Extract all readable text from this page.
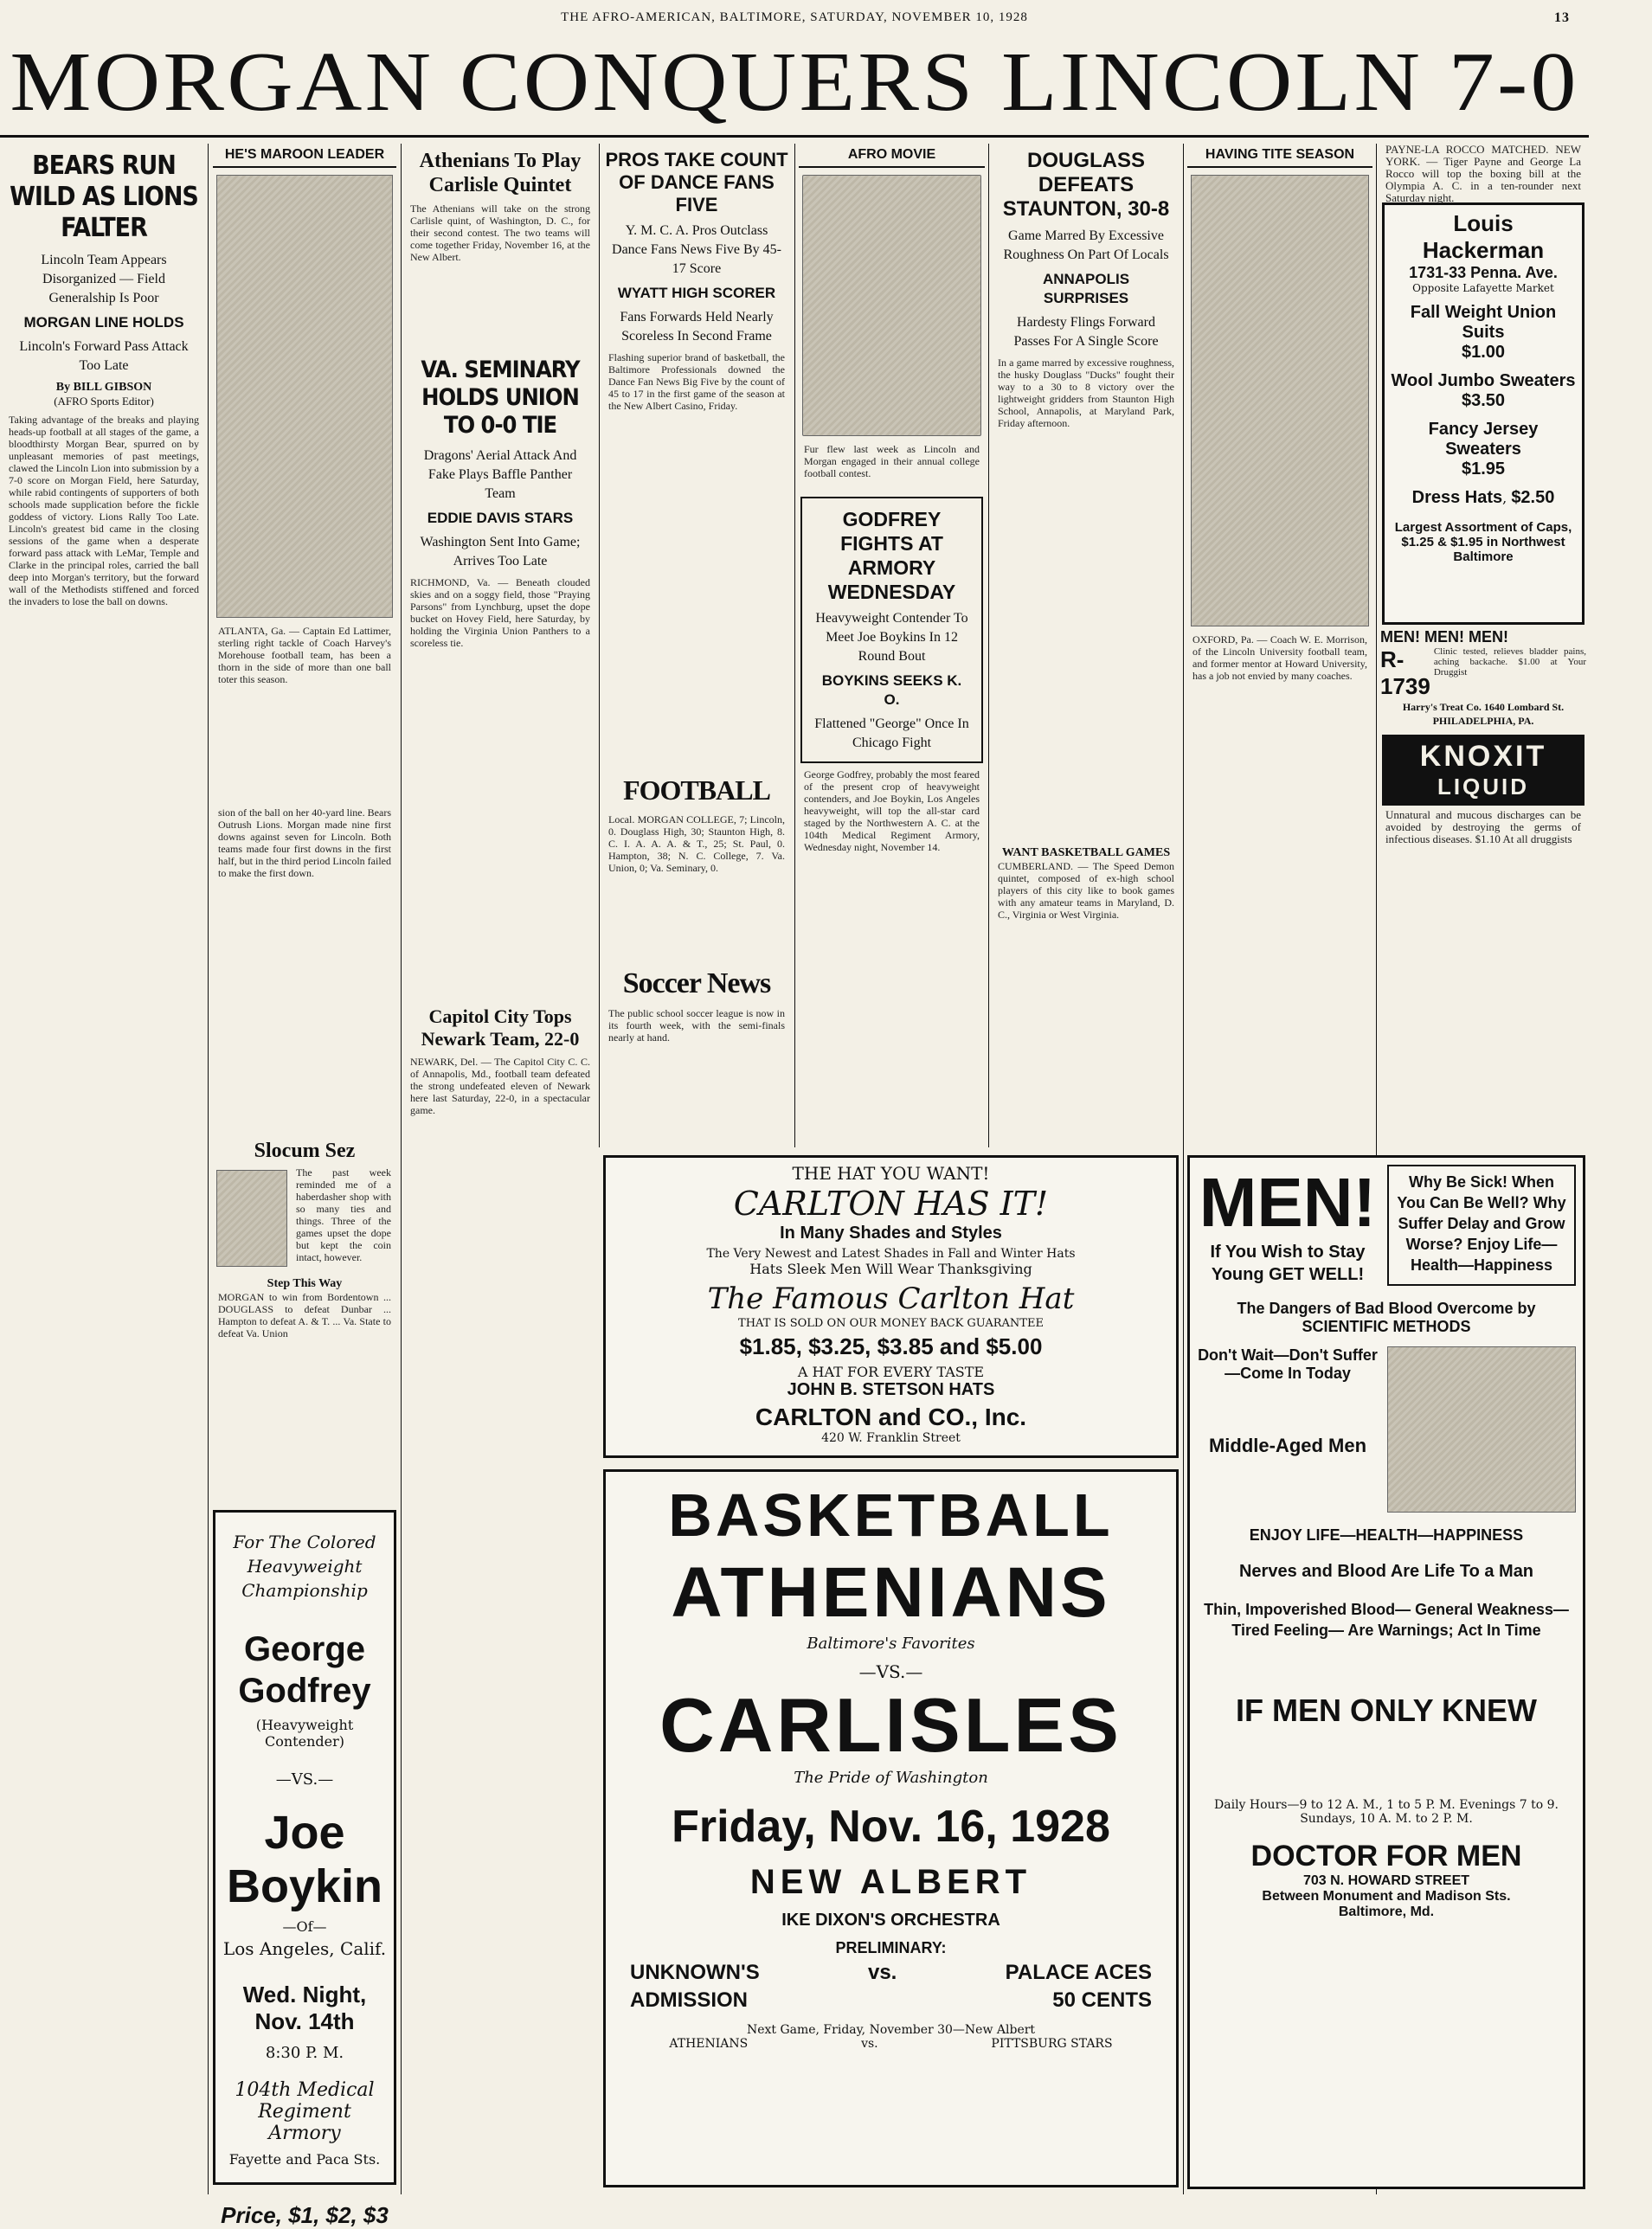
THE AFRO-AMERICAN, BALTIMORE, SATURDAY, NOVEMBER 10, 1928	13
MORGAN CONQUERS LINCOLN 7-0
BEARS RUN WILD AS LIONS FALTER
Lincoln Team Appears Disorganized — Field Generalship Is Poor
MORGAN LINE HOLDS
Lincoln's Forward Pass Attack Too Late
By BILL GIBSON
(AFRO Sports Editor)
Taking advantage of the breaks and playing heads-up football at all stages of the game, a bloodthirsty Morgan Bear, spurred on by unpleasant memories of past meetings, clawed the Lincoln Lion into submission by a 7-0 score on Morgan Field, here Saturday, while rabid contingents of supporters of both schools made supplication before the fickle goddess of victory. Lions Rally Too Late. Lincoln's greatest bid came in the closing sessions of the game when a desperate forward pass attack with LeMar, Temple and Clarke in the principal roles, carried the ball deep into Morgan's territory, but the forward wall of the Methodists stiffened and forced the invaders to lose the ball on downs.
HE'S MAROON LEADER
ATLANTA, Ga. — Captain Ed Lattimer, sterling right tackle of Coach Harvey's Morehouse football team, has been a thorn in the side of more than one ball toter this season.
sion of the ball on her 40-yard line. Bears Outrush Lions. Morgan made nine first downs against seven for Lincoln. Both teams made four first downs in the first half, but in the third period Lincoln failed to make the first down.
Slocum Sez
The past week reminded me of a haberdasher shop with so many ties and things. Three of the games upset the dope but kept the coin intact, however.
Step This Way
MORGAN to win from Bordentown ... DOUGLASS to defeat Dunbar ... Hampton to defeat A. & T. ... Va. State to defeat Va. Union
For The Colored Heavyweight Championship
George Godfrey
(Heavyweight Contender)
—VS.—
Joe Boykin
—Of—
Los Angeles, Calif.
Wed. Night, Nov. 14th
8:30 P. M.
104th Medical Regiment Armory
Fayette and Paca Sts.
Price, $1, $2, $3
Athenians To Play Carlisle Quintet
The Athenians will take on the strong Carlisle quint, of Washington, D. C., for their second contest. The two teams will come together Friday, November 16, at the New Albert.
VA. SEMINARY HOLDS UNION TO 0-0 TIE
Dragons' Aerial Attack And Fake Plays Baffle Panther Team
EDDIE DAVIS STARS
Washington Sent Into Game; Arrives Too Late
RICHMOND, Va. — Beneath clouded skies and on a soggy field, those "Praying Parsons" from Lynchburg, upset the dope bucket on Hovey Field, here Saturday, by holding the Virginia Union Panthers to a scoreless tie.
Capitol City Tops Newark Team, 22-0
NEWARK, Del. — The Capitol City C. C. of Annapolis, Md., football team defeated the strong undefeated eleven of Newark here last Saturday, 22-0, in a spectacular game.
PROS TAKE COUNT OF DANCE FANS FIVE
Y. M. C. A. Pros Outclass Dance Fans News Five By 45-17 Score
WYATT HIGH SCORER
Fans Forwards Held Nearly Scoreless In Second Frame
Flashing superior brand of basketball, the Baltimore Professionals downed the Dance Fan News Big Five by the count of 45 to 17 in the first game of the season at the New Albert Casino, Friday.
FOOTBALL
Local. MORGAN COLLEGE, 7; Lincoln, 0. Douglass High, 30; Staunton High, 8. C. I. A. A. A. & T., 25; St. Paul, 0. Hampton, 38; N. C. College, 7. Va. Union, 0; Va. Seminary, 0.
Soccer News
The public school soccer league is now in its fourth week, with the semi-finals nearly at hand.
AFRO MOVIE
Fur flew last week as Lincoln and Morgan engaged in their annual college football contest.
GODFREY FIGHTS AT ARMORY WEDNESDAY
Heavyweight Contender To Meet Joe Boykins In 12 Round Bout
BOYKINS SEEKS K. O.
Flattened "George" Once In Chicago Fight
George Godfrey, probably the most feared of the present crop of heavyweight contenders, and Joe Boykin, Los Angeles heavyweight, will top the all-star card staged by the Northwestern A. C. at the 104th Medical Regiment Armory, Wednesday night, November 14.
DOUGLASS DEFEATS STAUNTON, 30-8
Game Marred By Excessive Roughness On Part Of Locals
ANNAPOLIS SURPRISES
Hardesty Flings Forward Passes For A Single Score
In a game marred by excessive roughness, the husky Douglass "Ducks" fought their way to a 30 to 8 victory over the lightweight gridders from Staunton High School, Annapolis, at Maryland Park, Friday afternoon.
WANT BASKETBALL GAMES
CUMBERLAND. — The Speed Demon quintet, composed of ex-high school players of this city like to book games with any amateur teams in Maryland, D. C., Virginia or West Virginia.
THE HAT YOU WANT!
CARLTON HAS IT!
In Many Shades and Styles
The Very Newest and Latest Shades in Fall and Winter Hats
Hats Sleek Men Will Wear Thanksgiving
The Famous Carlton Hat
THAT IS SOLD ON OUR MONEY BACK GUARANTEE
$1.85, $3.25, $3.85 and $5.00
A HAT FOR EVERY TASTE
JOHN B. STETSON HATS
CARLTON and CO., Inc.
420 W. Franklin Street
BASKETBALL
ATHENIANS
Baltimore's Favorites
—VS.—
CARLISLES
The Pride of Washington
Friday, Nov. 16, 1928
NEW ALBERT
IKE DIXON'S ORCHESTRA
PRELIMINARY:
UNKNOWN'S	vs.	PALACE ACES
ADMISSION	50 CENTS
Next Game, Friday, November 30—New Albert
ATHENIANS	vs.	PITTSBURG STARS
HAVING TITE SEASON
OXFORD, Pa. — Coach W. E. Morrison, of the Lincoln University football team, and former mentor at Howard University, has a job not envied by many coaches.
PAYNE-LA ROCCO MATCHED. NEW YORK. — Tiger Payne and George La Rocco will top the boxing bill at the Olympia A. C. in a ten-rounder next Saturday night.
Louis Hackerman
1731-33 Penna. Ave.
Opposite Lafayette Market
Fall Weight Union Suits
$1.00
Wool Jumbo Sweaters
$3.50
Fancy Jersey Sweaters
$1.95
Dress Hats, $2.50
Largest Assortment of Caps, $1.25 & $1.95 in Northwest Baltimore
MEN! MEN! MEN!
R-1739
Clinic tested, relieves bladder pains, aching backache. $1.00 at Your Druggist
Harry's Treat Co. 1640 Lombard St. PHILADELPHIA, PA.
KNOXIT
LIQUID
Unnatural and mucous discharges can be avoided by destroying the germs of infectious diseases. $1.10 At all druggists
MEN!
If You Wish to Stay Young GET WELL!
Why Be Sick! When You Can Be Well? Why Suffer Delay and Grow Worse? Enjoy Life—Health—Happiness
The Dangers of Bad Blood Overcome by SCIENTIFIC METHODS
Don't Wait—Don't Suffer—Come In Today
Middle-Aged Men
ENJOY LIFE—HEALTH—HAPPINESS
Nerves and Blood Are Life To a Man
Thin, Impoverished Blood— General Weakness—Tired Feeling— Are Warnings; Act In Time
IF MEN ONLY KNEW
Daily Hours—9 to 12 A. M., 1 to 5 P. M. Evenings 7 to 9. Sundays, 10 A. M. to 2 P. M.
DOCTOR FOR MEN
703 N. HOWARD STREET
Between Monument and Madison Sts.
Baltimore, Md.
